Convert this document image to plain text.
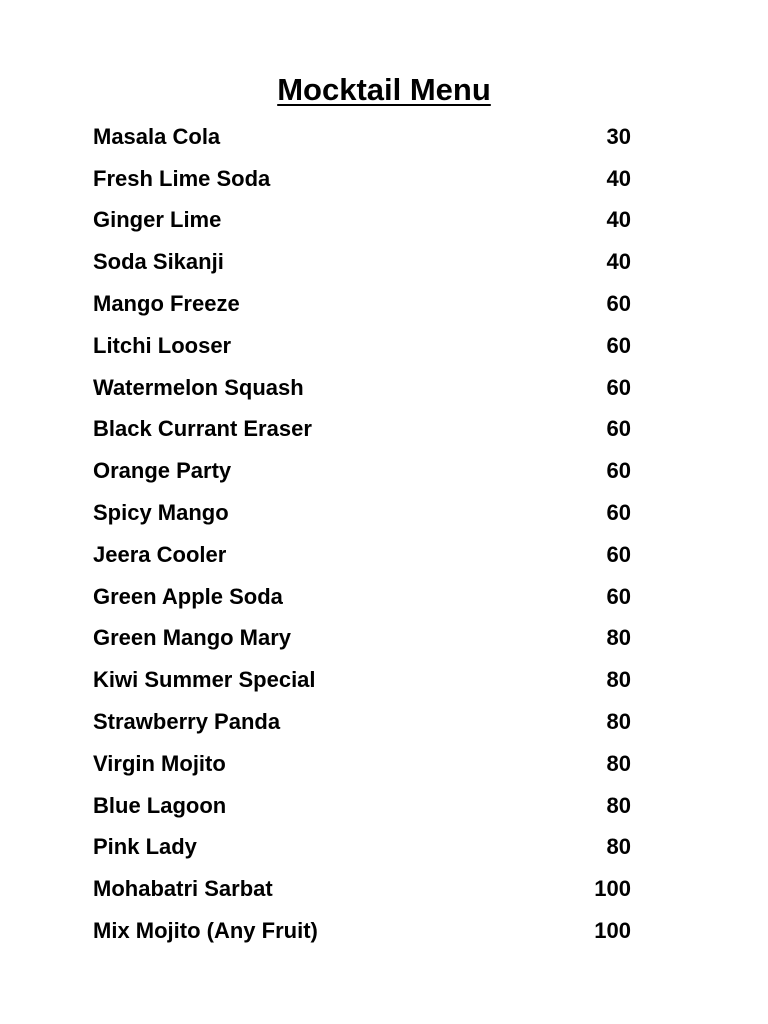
Mocktail Menu
Masala Cola	30
Fresh Lime Soda	40
Ginger Lime	40
Soda Sikanji	40
Mango Freeze	60
Litchi Looser	60
Watermelon Squash	60
Black Currant Eraser	60
Orange Party	60
Spicy Mango	60
Jeera Cooler	60
Green Apple Soda	60
Green Mango Mary	80
Kiwi Summer Special	80
Strawberry Panda	80
Virgin Mojito	80
Blue Lagoon	80
Pink Lady	80
Mohabatri Sarbat	100
Mix Mojito (Any Fruit)	100
